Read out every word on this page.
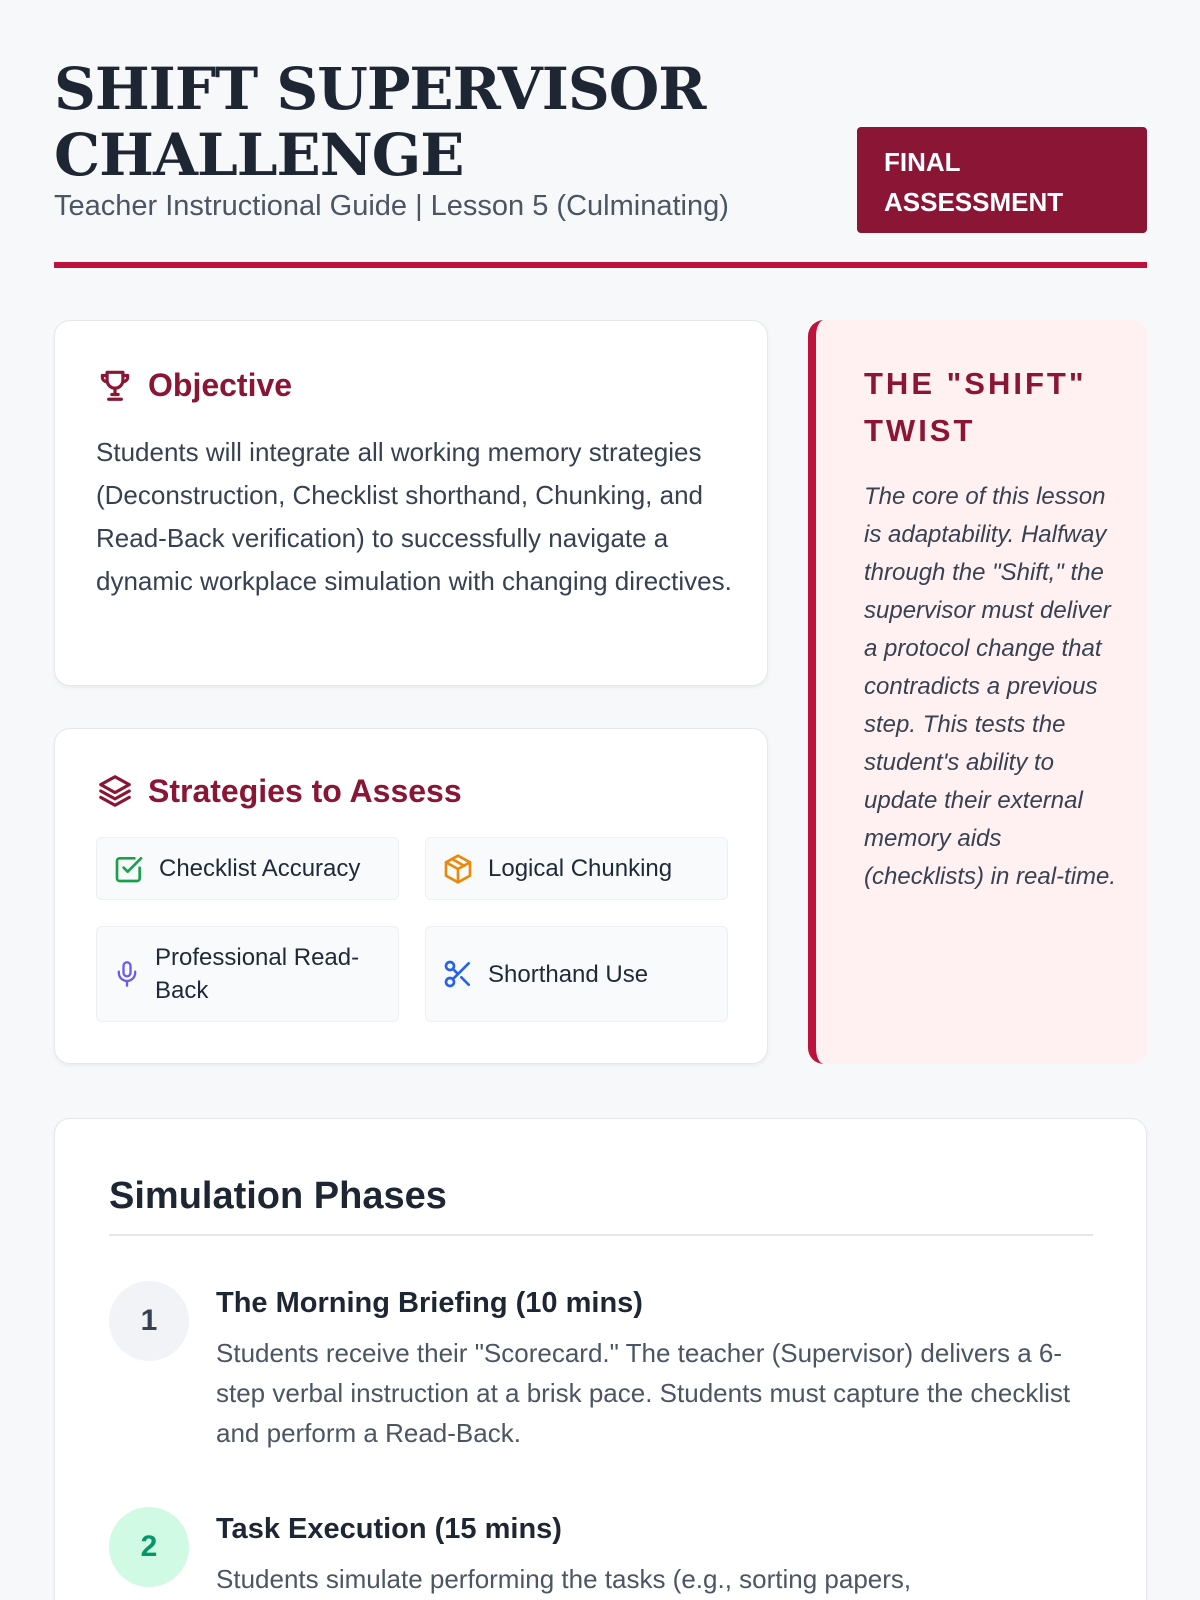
SHIFT SUPERVISOR CHALLENGE
Teacher Instructional Guide | Lesson 5 (Culminating)
FINAL ASSESSMENT
Objective

Students will integrate all working memory strategies (Deconstruction, Checklist shorthand, Chunking, and Read-Back verification) to successfully navigate a dynamic workplace simulation with changing directives.

Strategies to Assess
Checklist Accuracy	Logical Chunking
Professional Read-Back
Shorthand Use
THE "SHIFT" TWIST

The core of this lesson is adaptability. Halfway through the "Shift," the supervisor must deliver a protocol change that contradicts a previous step. This tests the student's ability to update their external memory aids (checklists) in real-time.

Simulation Phases
1
The Morning Briefing (10 mins)

Students receive their "Scorecard." The teacher (Supervisor) delivers a 6-step verbal instruction at a brisk pace. Students must capture the checklist and perform a Read-Back.

2
Task Execution (15 mins)

Students simulate performing the tasks (e.g., sorting papers,
